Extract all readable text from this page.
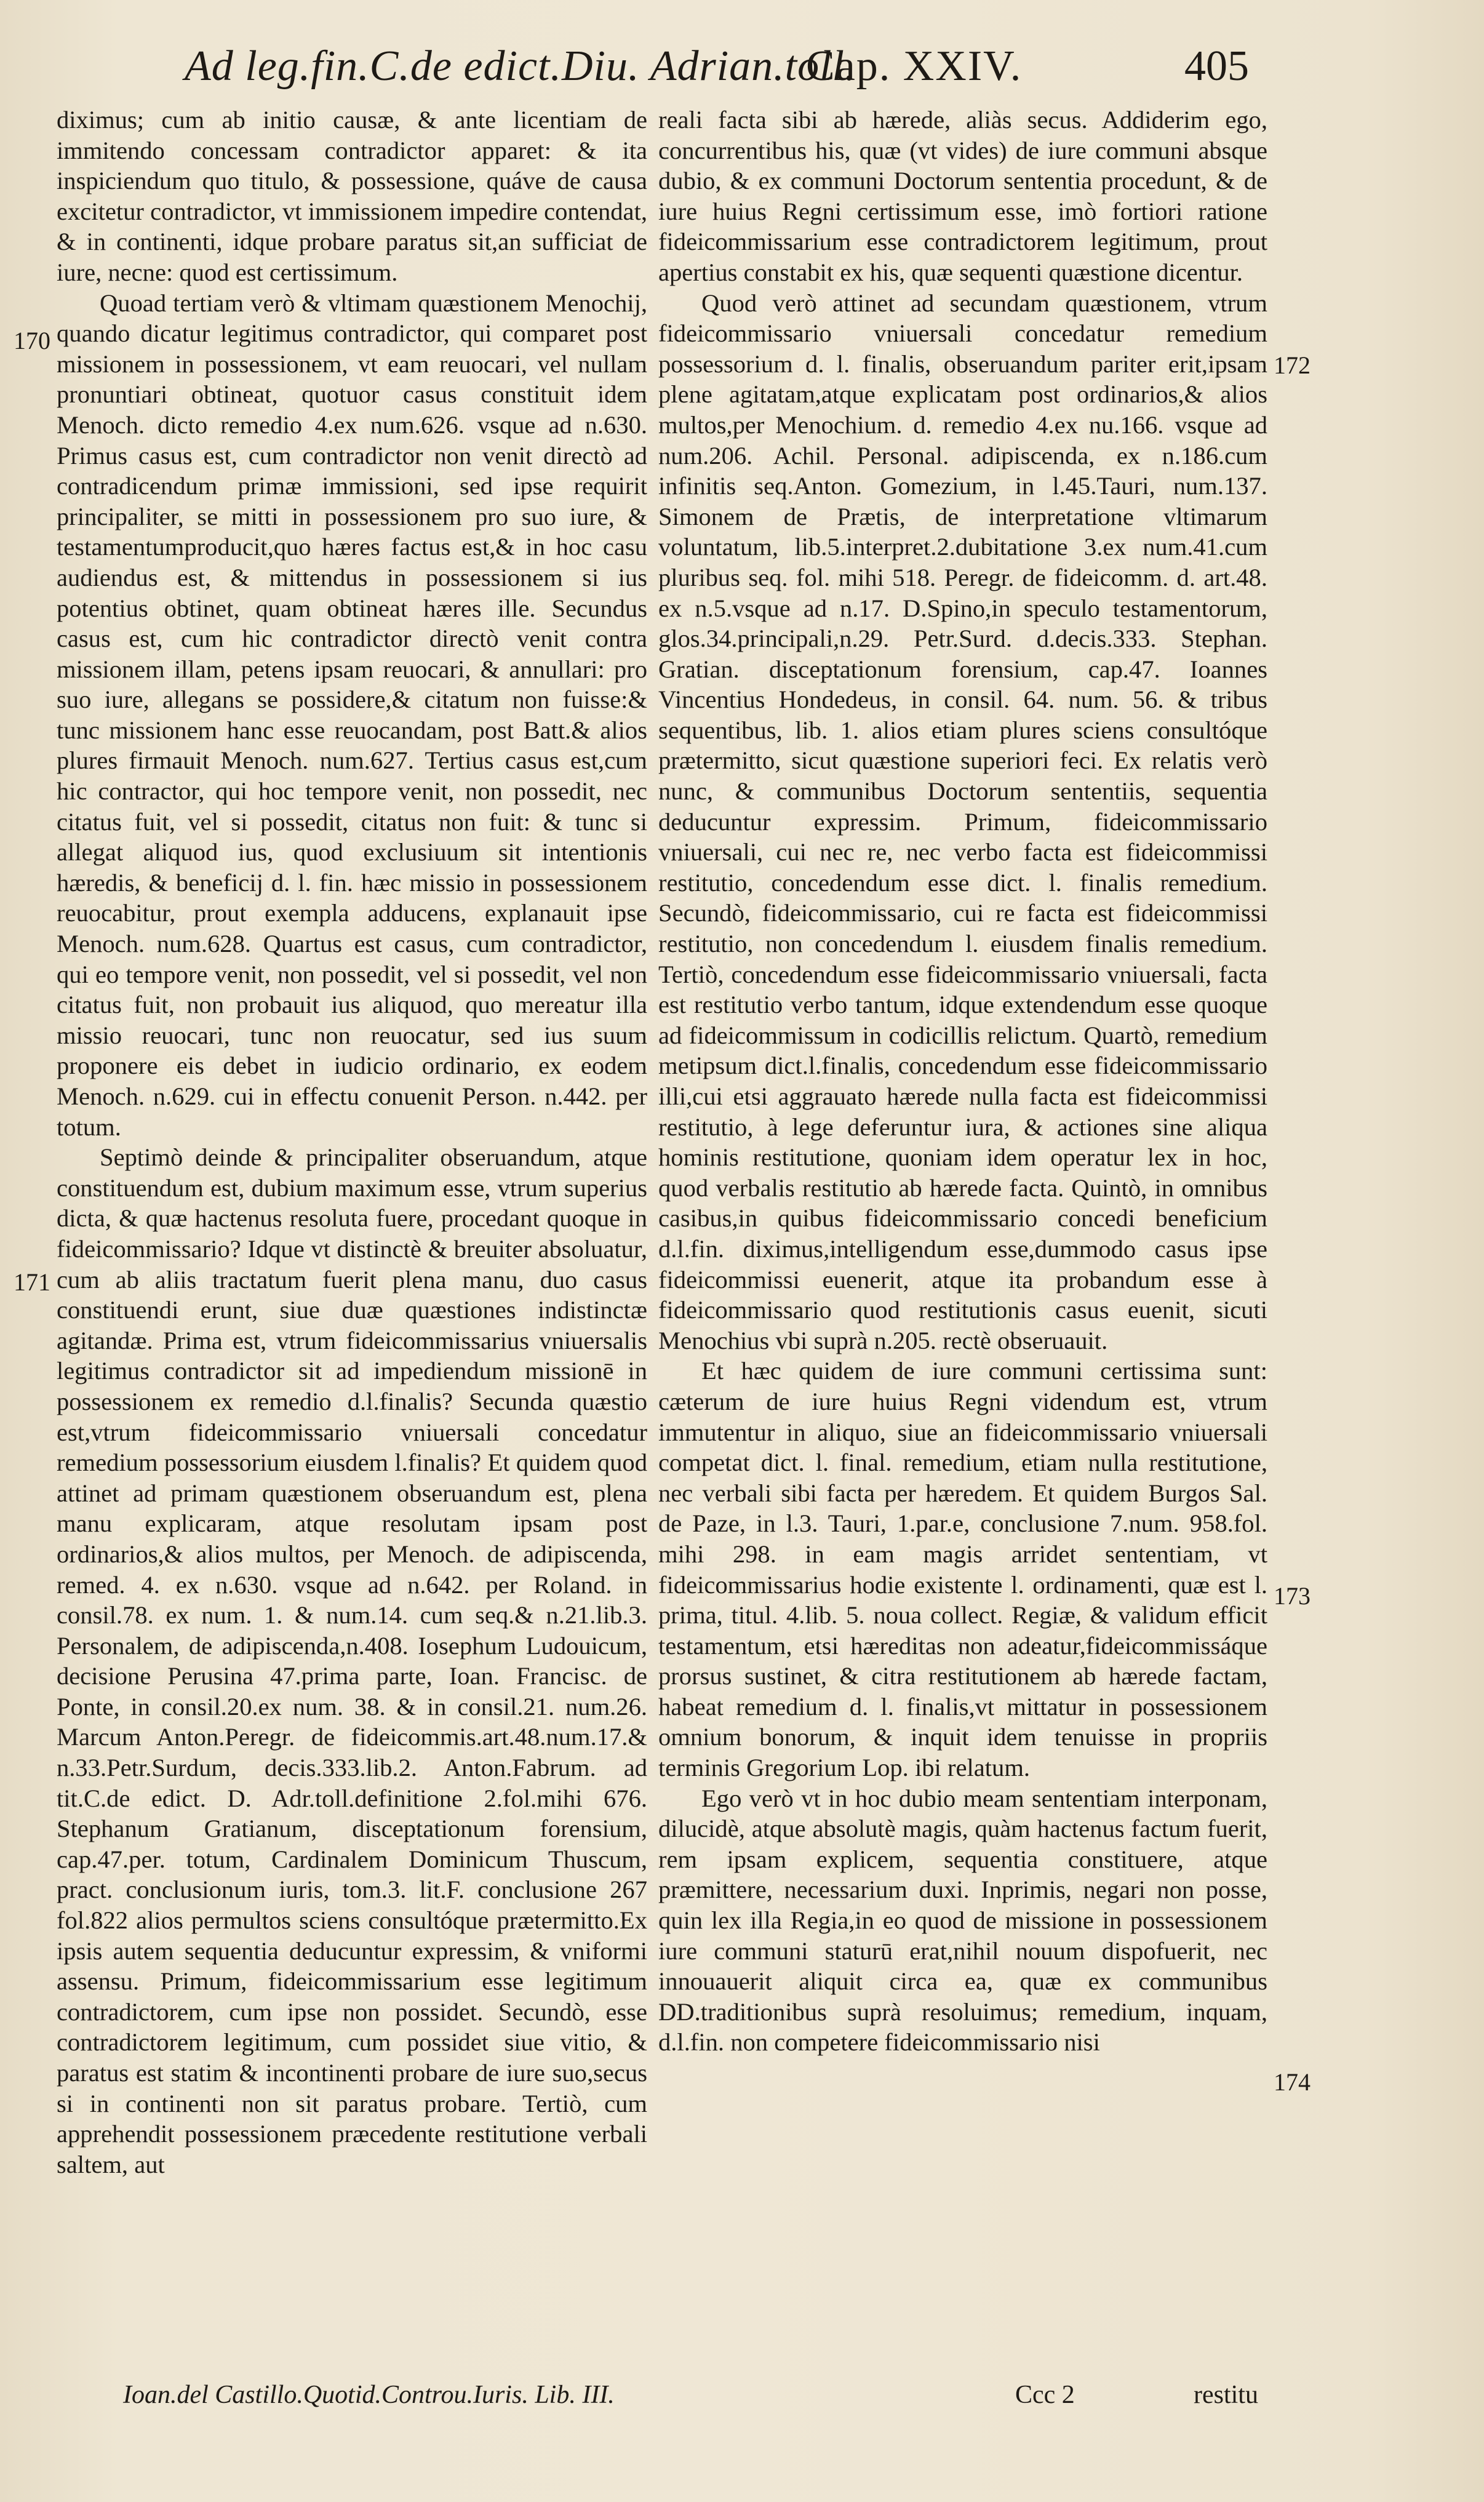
Ad leg.fin.C.de edict.Diu. Adrian.toll.
Cap. XXIV.	405

diximus; cum ab initio causæ, & ante licentiam de immitendo concessam contradictor apparet: & ita inspiciendum quo titulo, & possessione, quáve de causa excitetur contradictor, vt immissionem impedire contendat, & in continenti, idque probare paratus sit,an sufficiat de iure, necne: quod est certissimum.

Quoad tertiam verò & vltimam quæstionem Menochij, quando dicatur legitimus contradictor, qui comparet post missionem in possessionem, vt eam reuocari, vel nullam pronuntiari obtineat, quotuor casus constituit idem Menoch. dicto remedio 4.ex num.626. vsque ad n.630. Primus casus est, cum contradictor non venit directò ad contradicendum primæ immissioni, sed ipse requirit principaliter, se mitti in possessionem pro suo iure, & testamentumproducit,quo hæres factus est,& in hoc casu audiendus est, & mittendus in possessionem si ius potentius obtinet, quam obtineat hæres ille. Secundus casus est, cum hic contradictor directò venit contra missionem illam, petens ipsam reuocari, & annullari: pro suo iure, allegans se possidere,& citatum non fuisse:& tunc missionem hanc esse reuocandam, post Batt.& alios plures firmauit Menoch. num.627. Tertius casus est,cum hic contractor, qui hoc tempore venit, non possedit, nec citatus fuit, vel si possedit, citatus non fuit: & tunc si allegat aliquod ius, quod exclusiuum sit intentionis hæredis, & beneficij d. l. fin. hæc missio in possessionem reuocabitur, prout exempla adducens, explanauit ipse Menoch. num.628. Quartus est casus, cum contradictor, qui eo tempore venit, non possedit, vel si possedit, vel non citatus fuit, non probauit ius aliquod, quo mereatur illa missio reuocari, tunc non reuocatur, sed ius suum proponere eis debet in iudicio ordinario, ex eodem Menoch. n.629. cui in effectu conuenit Person. n.442. per totum.

Septimò deinde & principaliter obseruandum, atque constituendum est, dubium maximum esse, vtrum superius dicta, & quæ hactenus resoluta fuere, procedant quoque in fideicommissario? Idque vt distinctè & breuiter absoluatur, cum ab aliis tractatum fuerit plena manu, duo casus constituendi erunt, siue duæ quæstiones indistinctæ agitandæ. Prima est, vtrum fideicommissarius vniuersalis legitimus contradictor sit ad impediendum missionē in possessionem ex remedio d.l.finalis? Secunda quæstio est,vtrum fideicommissario vniuersali concedatur remedium possessorium eiusdem l.finalis? Et quidem quod attinet ad primam quæstionem obseruandum est, plena manu explicaram, atque resolutam ipsam post ordinarios,& alios multos, per Menoch. de adipiscenda, remed. 4. ex n.630. vsque ad n.642. per Roland. in consil.78. ex num. 1. & num.14. cum seq.& n.21.lib.3. Personalem, de adipiscenda,n.408. Iosephum Ludouicum, decisione Perusina 47.prima parte, Ioan. Francisc. de Ponte, in consil.20.ex num. 38. & in consil.21. num.26. Marcum Anton.Peregr. de fideicommis.art.48.num.17.& n.33.Petr.Surdum, decis.333.lib.2. Anton.Fabrum. ad tit.C.de edict. D. Adr.toll.definitione 2.fol.mihi 676. Stephanum Gratianum, disceptationum forensium, cap.47.per. totum, Cardinalem Dominicum Thuscum, pract. conclusionum iuris, tom.3. lit.F. conclusione 267 fol.822 alios permultos sciens consultóque prætermitto.Ex ipsis autem sequentia deducuntur expressim, & vniformi assensu. Primum, fideicommissarium esse legitimum contradictorem, cum ipse non possidet. Secundò, esse contradictorem legitimum, cum possidet siue vitio, & paratus est statim & incontinenti probare de iure suo,secus si in continenti non sit paratus probare. Tertiò, cum apprehendit possessionem præcedente restitutione verbali saltem, aut

reali facta sibi ab hærede, aliàs secus. Addiderim ego, concurrentibus his, quæ (vt vides) de iure communi absque dubio, & ex communi Doctorum sententia procedunt, & de iure huius Regni certissimum esse, imò fortiori ratione fideicommissarium esse contradictorem legitimum, prout apertius constabit ex his, quæ sequenti quæstione dicentur.

Quod verò attinet ad secundam quæstionem, vtrum fideicommissario vniuersali concedatur remedium possessorium d. l. finalis, obseruandum pariter erit,ipsam plene agitatam,atque explicatam post ordinarios,& alios multos,per Menochium. d. remedio 4.ex nu.166. vsque ad num.206. Achil. Personal. adipiscenda, ex n.186.cum infinitis seq.Anton. Gomezium, in l.45.Tauri, num.137. Simonem de Prætis, de interpretatione vltimarum voluntatum, lib.5.interpret.2.dubitatione 3.ex num.41.cum pluribus seq. fol. mihi 518. Peregr. de fideicomm. d. art.48. ex n.5.vsque ad n.17. D.Spino,in speculo testamentorum, glos.34.principali,n.29. Petr.Surd. d.decis.333. Stephan. Gratian. disceptationum forensium, cap.47. Ioannes Vincentius Hondedeus, in consil. 64. num. 56. & tribus sequentibus, lib. 1. alios etiam plures sciens consultóque prætermitto, sicut quæstione superiori feci. Ex relatis verò nunc, & communibus Doctorum sententiis, sequentia deducuntur expressim. Primum, fideicommissario vniuersali, cui nec re, nec verbo facta est fideicommissi restitutio, concedendum esse dict. l. finalis remedium. Secundò, fideicommissario, cui re facta est fideicommissi restitutio, non concedendum l. eiusdem finalis remedium. Tertiò, concedendum esse fideicommissario vniuersali, facta est restitutio verbo tantum, idque extendendum esse quoque ad fideicommissum in codicillis relictum. Quartò, remedium metipsum dict.l.finalis, concedendum esse fideicommissario illi,cui etsi aggrauato hærede nulla facta est fideicommissi restitutio, à lege deferuntur iura, & actiones sine aliqua hominis restitutione, quoniam idem operatur lex in hoc, quod verbalis restitutio ab hærede facta. Quintò, in omnibus casibus,in quibus fideicommissario concedi beneficium d.l.fin. diximus,intelligendum esse,dummodo casus ipse fideicommissi euenerit, atque ita probandum esse à fideicommissario quod restitutionis casus euenit, sicuti Menochius vbi suprà n.205. rectè obseruauit.

Et hæc quidem de iure communi certissima sunt: cæterum de iure huius Regni videndum est, vtrum immutentur in aliquo, siue an fideicommissario vniuersali competat dict. l. final. remedium, etiam nulla restitutione, nec verbali sibi facta per hæredem. Et quidem Burgos Sal. de Paze, in l.3. Tauri, 1.par.e, conclusione 7.num. 958.fol. mihi 298. in eam magis arridet sententiam, vt fideicommissarius hodie existente l. ordinamenti, quæ est l. prima, titul. 4.lib. 5. noua collect. Regiæ, & validum efficit testamentum, etsi hæreditas non adeatur,fideicommissáque prorsus sustinet, & citra restitutionem ab hærede factam, habeat remedium d. l. finalis,vt mittatur in possessionem omnium bonorum, & inquit idem tenuisse in propriis terminis Gregorium Lop. ibi relatum.

Ego verò vt in hoc dubio meam sententiam interponam, dilucidè, atque absolutè magis, quàm hactenus factum fuerit, rem ipsam explicem, sequentia constituere, atque præmittere, necessarium duxi. Inprimis, negari non posse, quin lex illa Regia,in eo quod de missione in possessionem iure communi staturū erat,nihil nouum dispofuerit, nec innouauerit aliquit circa ea, quæ ex communibus DD.traditionibus suprà resoluimus; remedium, inquam, d.l.fin. non competere fideicommissario nisi

170
171
172
173
174
Ioan.del Castillo.Quotid.Controu.Iuris. Lib. III.	Ccc 2	restitu
